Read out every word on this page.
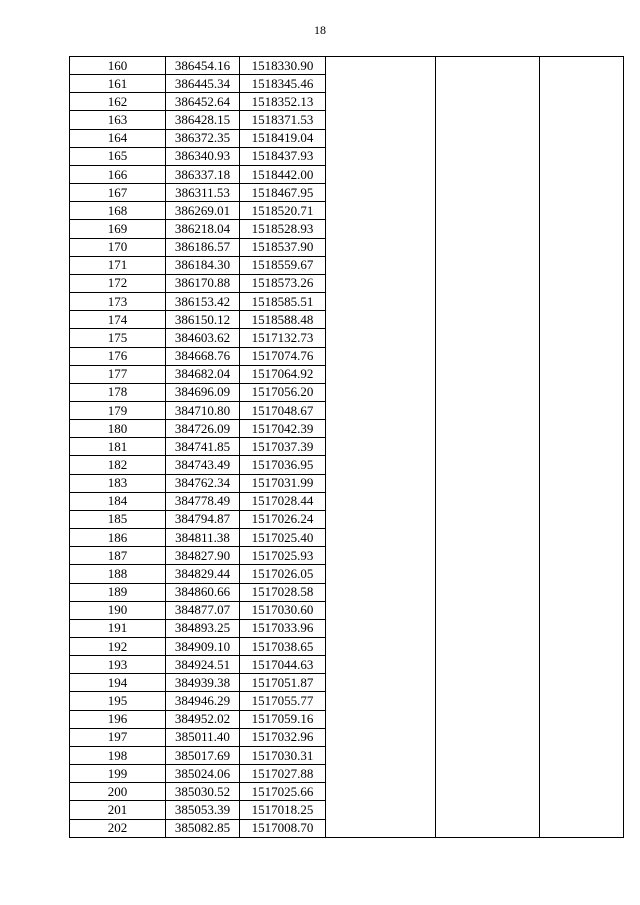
18
160	386454.16	1518330.90			
161	386445.34	1518345.46			
162	386452.64	1518352.13			
163	386428.15	1518371.53			
164	386372.35	1518419.04			
165	386340.93	1518437.93			
166	386337.18	1518442.00			
167	386311.53	1518467.95			
168	386269.01	1518520.71			
169	386218.04	1518528.93			
170	386186.57	1518537.90			
171	386184.30	1518559.67			
172	386170.88	1518573.26			
173	386153.42	1518585.51			
174	386150.12	1518588.48			
175	384603.62	1517132.73			
176	384668.76	1517074.76			
177	384682.04	1517064.92			
178	384696.09	1517056.20			
179	384710.80	1517048.67			
180	384726.09	1517042.39			
181	384741.85	1517037.39			
182	384743.49	1517036.95			
183	384762.34	1517031.99			
184	384778.49	1517028.44			
185	384794.87	1517026.24			
186	384811.38	1517025.40			
187	384827.90	1517025.93			
188	384829.44	1517026.05			
189	384860.66	1517028.58			
190	384877.07	1517030.60			
191	384893.25	1517033.96			
192	384909.10	1517038.65			
193	384924.51	1517044.63			
194	384939.38	1517051.87			
195	384946.29	1517055.77			
196	384952.02	1517059.16			
197	385011.40	1517032.96			
198	385017.69	1517030.31			
199	385024.06	1517027.88			
200	385030.52	1517025.66			
201	385053.39	1517018.25			
202	385082.85	1517008.70			
